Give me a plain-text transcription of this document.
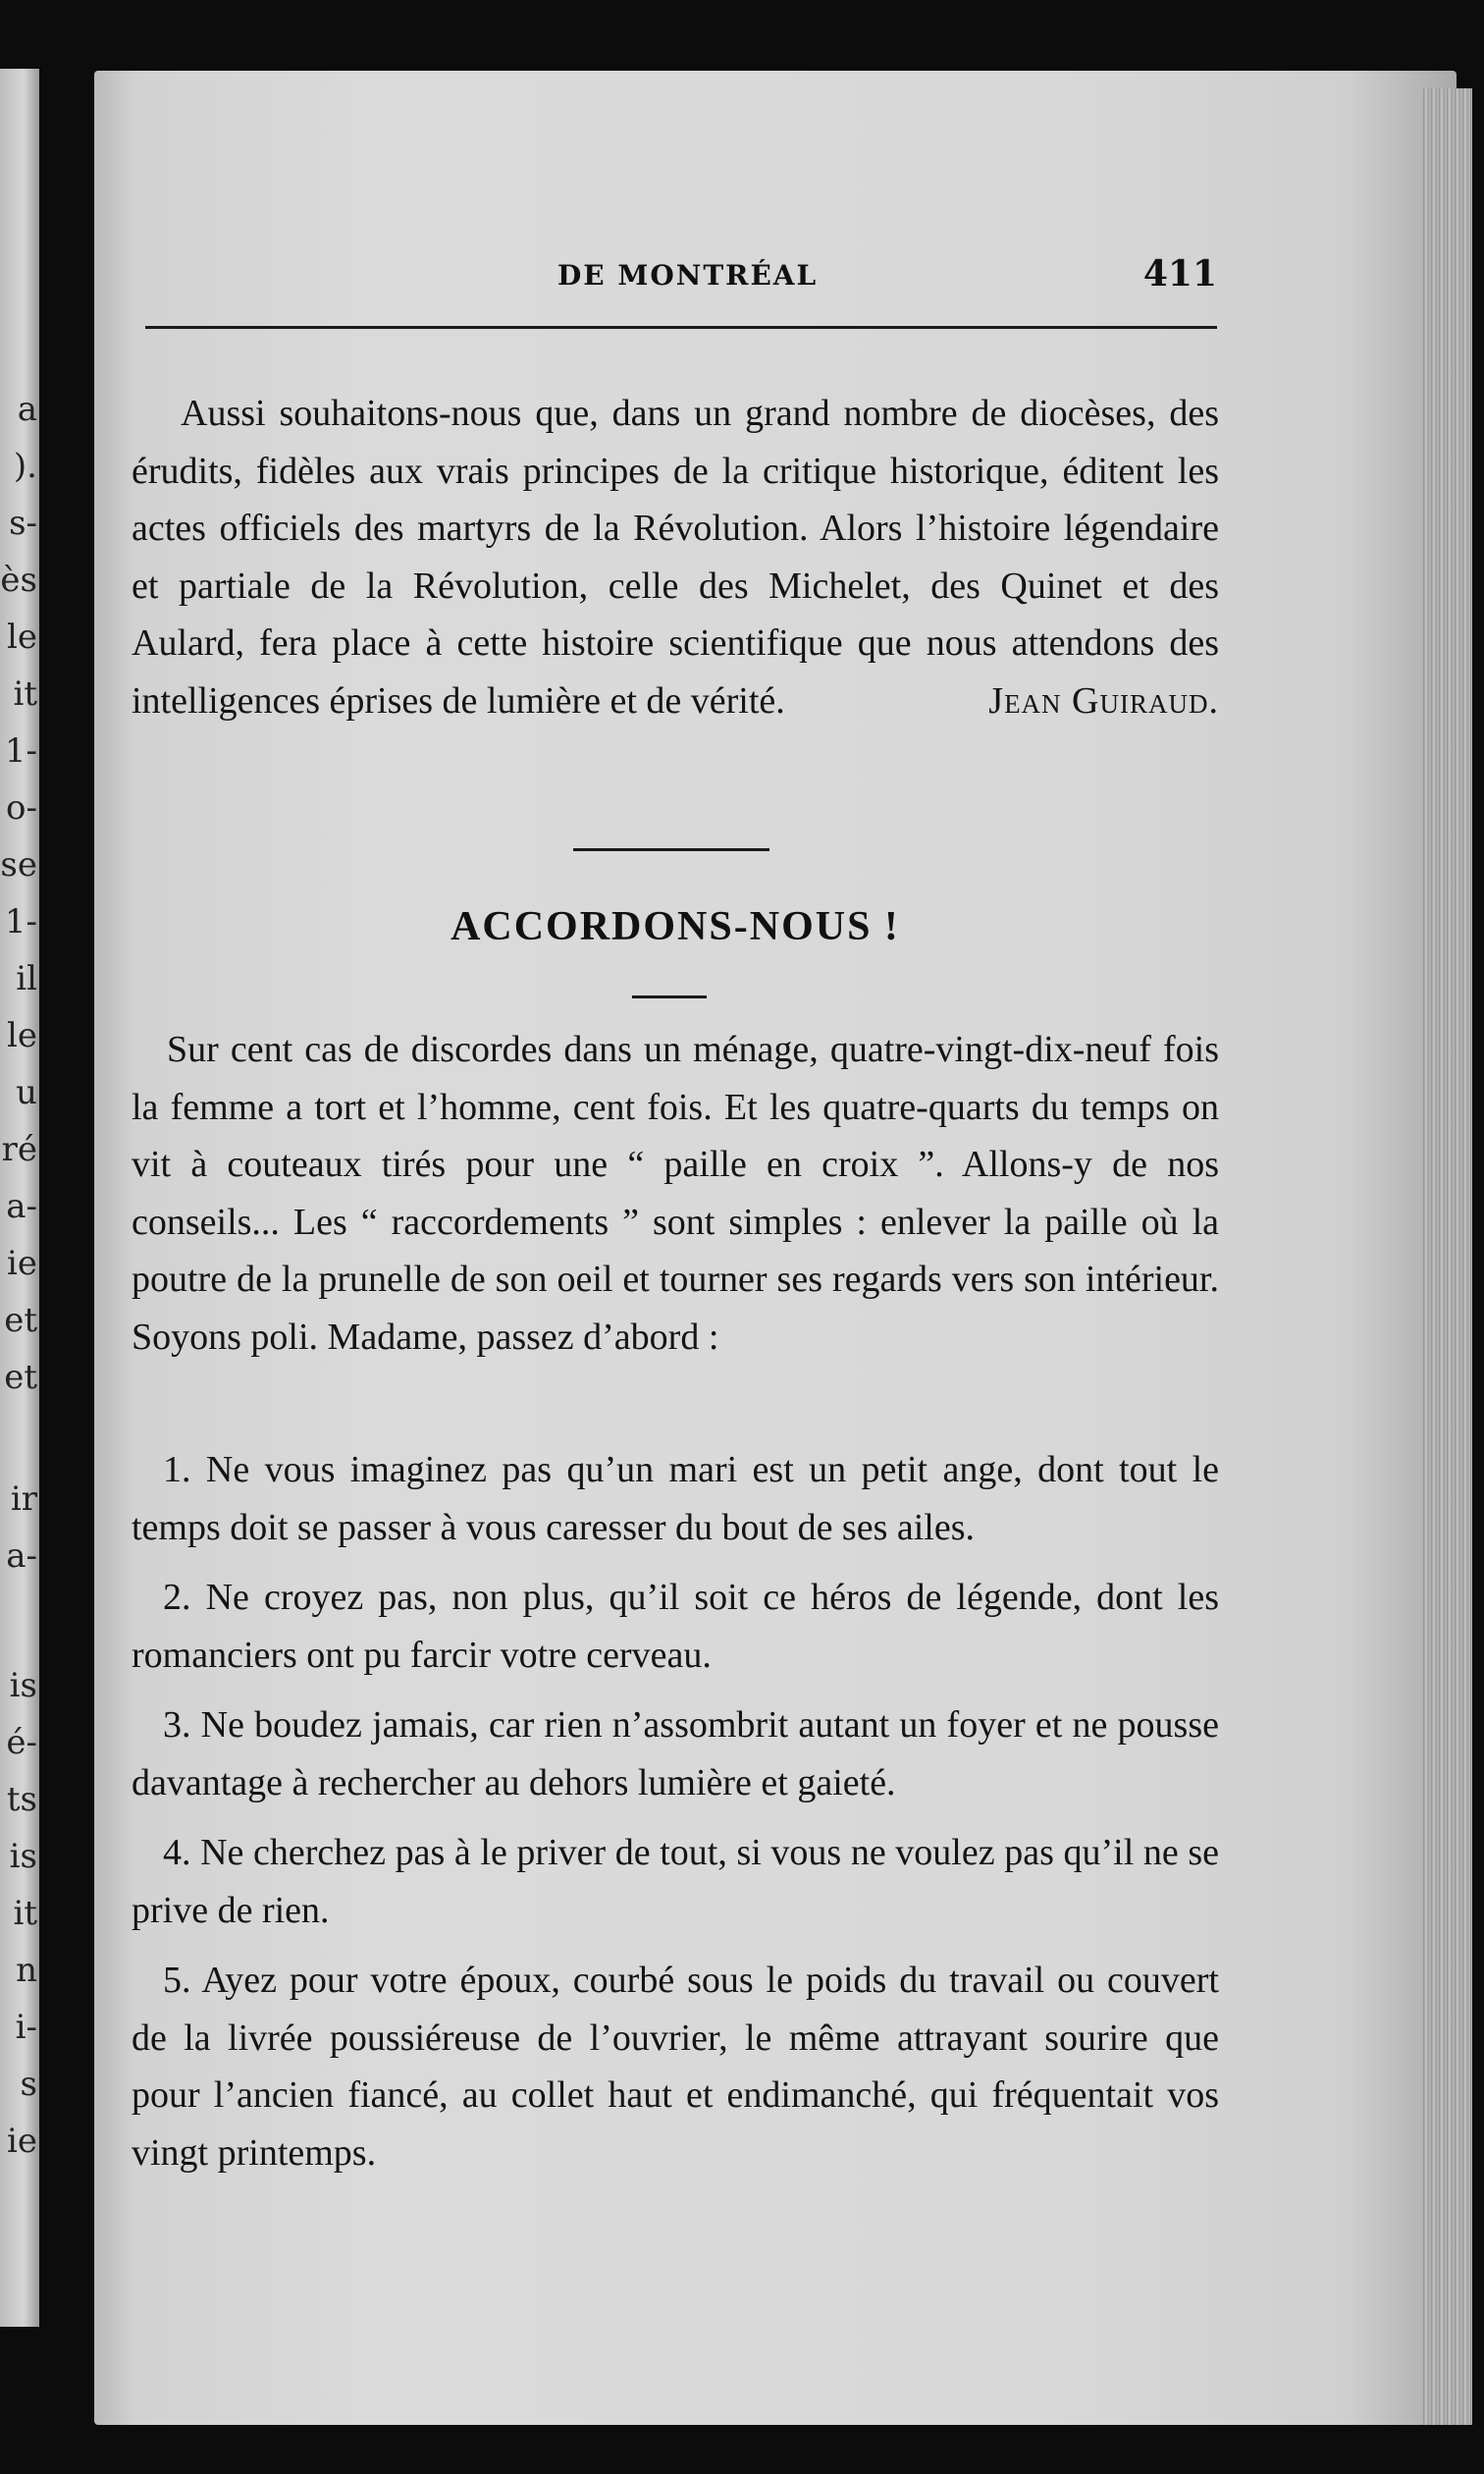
a
).
s-
ès
le
it
1-
o-
se
1-
il
le
u
ré
a-
ie
et
et
ir
a-
is
é-
ts
is
it
n
i-
s
ie
DE MONTRÉAL	411
Aussi souhaitons-nous que, dans un grand nombre de diocèses, des érudits, fidèles aux vrais principes de la critique historique, éditent les actes officiels des martyrs de la Révolution. Alors l’histoire légendaire et partiale de la Révolution, celle des Michelet, des Quinet et des Aulard, fera place à cette histoire scientifique que nous attendons des intelligences éprises de lumière et de vérité.	Jean Guiraud.
ACCORDONS-NOUS !
Sur cent cas de discordes dans un ménage, quatre-vingt-dix-neuf fois la femme a tort et l’homme, cent fois. Et les quatre-quarts du temps on vit à couteaux tirés pour une “ paille en croix ”. Allons-y de nos conseils... Les “ raccordements ” sont simples : enlever la paille où la poutre de la prunelle de son oeil et tourner ses regards vers son intérieur. Soyons poli. Madame, passez d’abord :
1. Ne vous imaginez pas qu’un mari est un petit ange, dont tout le temps doit se passer à vous caresser du bout de ses ailes.
2. Ne croyez pas, non plus, qu’il soit ce héros de légende, dont les romanciers ont pu farcir votre cerveau.
3. Ne boudez jamais, car rien n’assombrit autant un foyer et ne pousse davantage à rechercher au dehors lumière et gaieté.
4. Ne cherchez pas à le priver de tout, si vous ne voulez pas qu’il ne se prive de rien.
5. Ayez pour votre époux, courbé sous le poids du travail ou couvert de la livrée poussiéreuse de l’ouvrier, le même attrayant sourire que pour l’ancien fiancé, au collet haut et endimanché, qui fréquentait vos vingt printemps.
